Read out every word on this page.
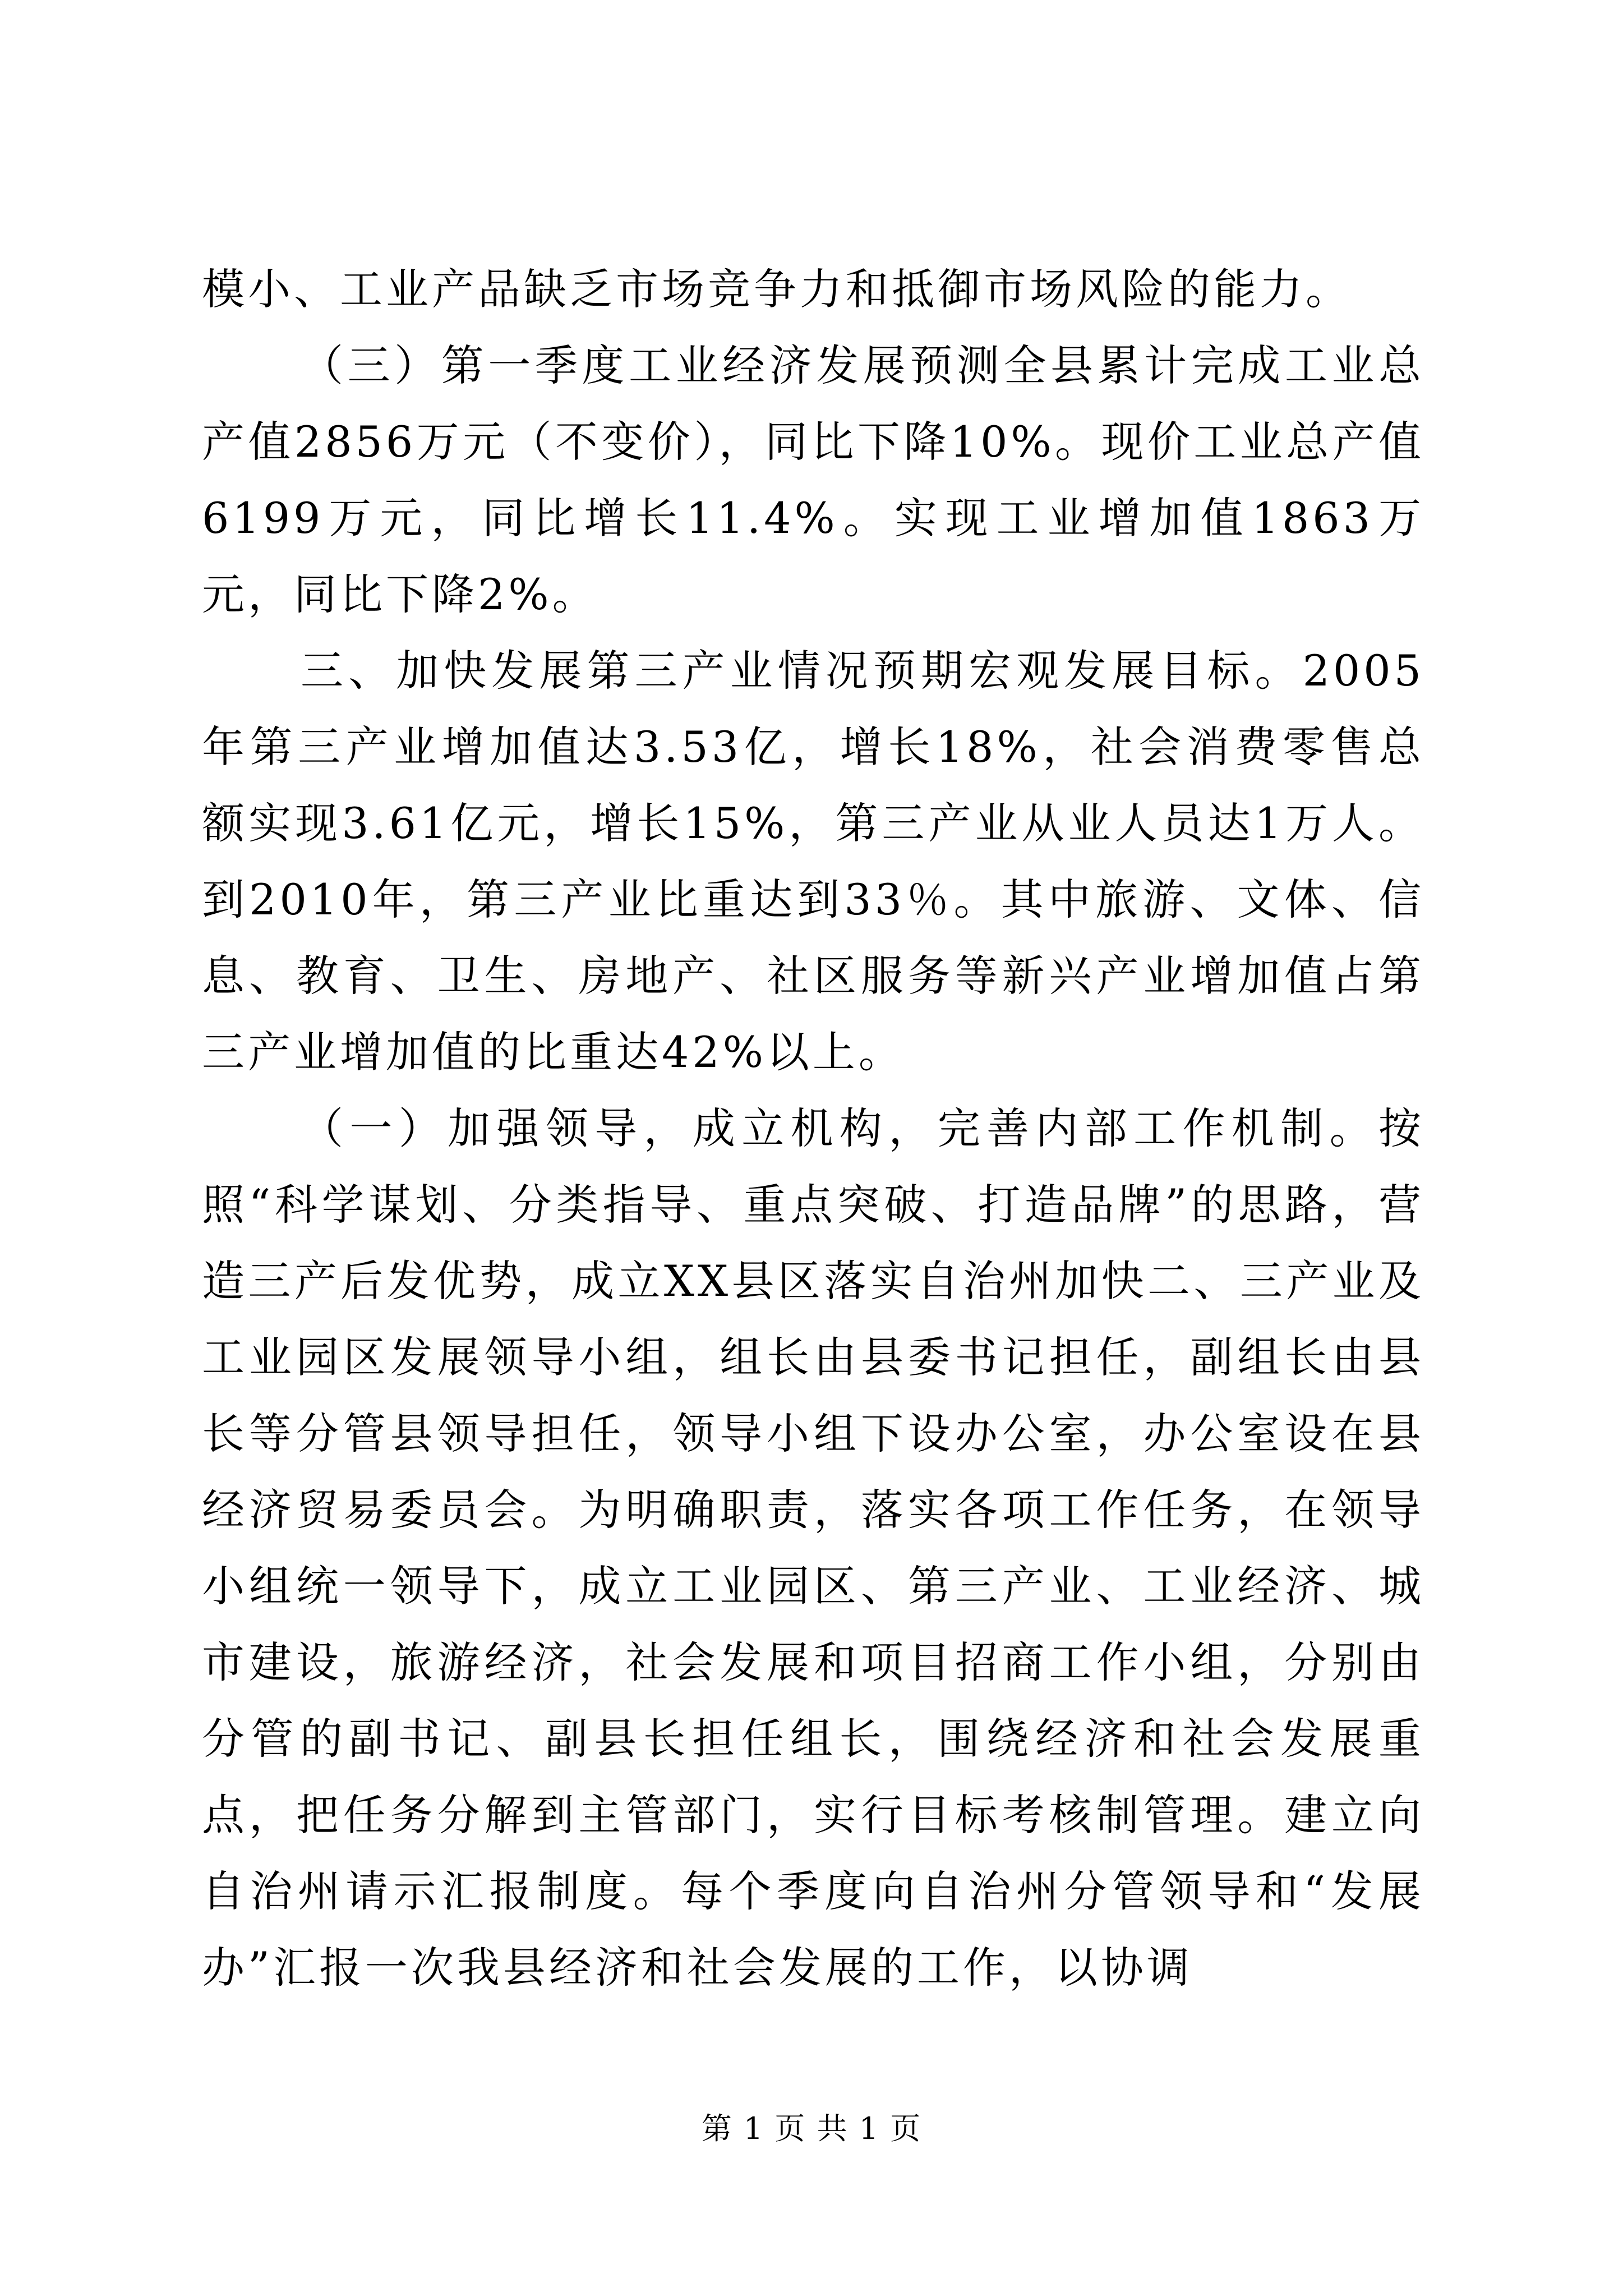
模小、工业产品缺乏市场竞争力和抵御市场风险的能力。

（三）第一季度工业经济发展预测全县累计完成工业总产值2856万元（不变价），同比下降10%。现价工业总产值6199万元，同比增长11.4%。实现工业增加值1863万元，同比下降2%。

三、加快发展第三产业情况预期宏观发展目标。2005年第三产业增加值达3.53亿，增长18%，社会消费零售总额实现3.61亿元，增长15%，第三产业从业人员达1万人。到2010年，第三产业比重达到33％。其中旅游、文体、信息、教育、卫生、房地产、社区服务等新兴产业增加值占第三产业增加值的比重达42%以上。

（一）加强领导，成立机构，完善内部工作机制。按照“科学谋划、分类指导、重点突破、打造品牌”的思路，营造三产后发优势，成立XX县区落实自治州加快二、三产业及工业园区发展领导小组，组长由县委书记担任，副组长由县长等分管县领导担任，领导小组下设办公室，办公室设在县经济贸易委员会。为明确职责，落实各项工作任务，在领导小组统一领导下，成立工业园区、第三产业、工业经济、城市建设，旅游经济，社会发展和项目招商工作小组，分别由分管的副书记、副县长担任组长，围绕经济和社会发展重点，把任务分解到主管部门，实行目标考核制管理。建立向自治州请示汇报制度。每个季度向自治州分管领导和“发展办”汇报一次我县经济和社会发展的工作，以协调

第 1 页 共 1 页
